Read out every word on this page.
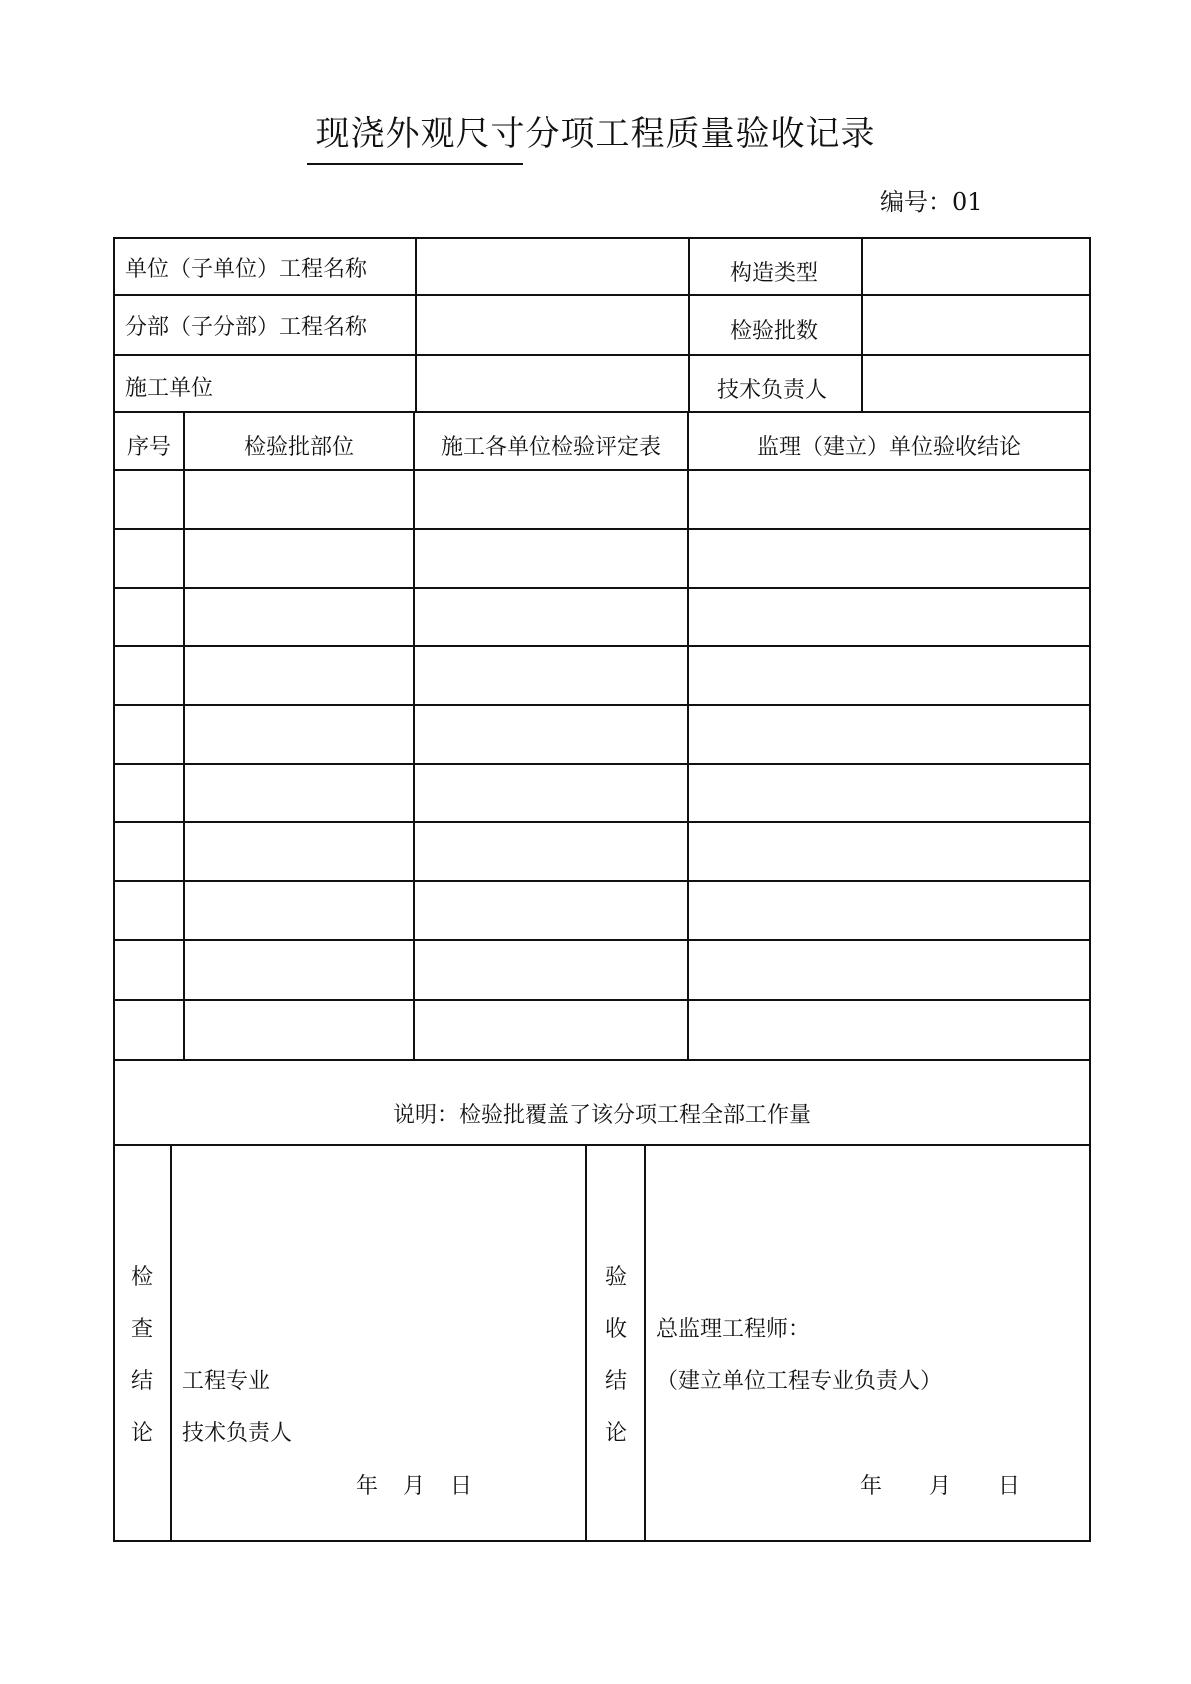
现浇外观尺寸分项工程质量验收记录
编号：01
单位（子单位）工程名称	构造类型
分部（子分部）工程名称	检验批数
施工单位	技术负责人
序号	检验批部位	施工各单位检验评定表	监理（建立）单位验收结论
说明：检验批覆盖了该分项工程全部工作量
检
查
结
论
工程专业
技术负责人
年 月 日
验
收
结
论
总监理工程师：
（建立单位工程专业负责人）
年 月 日
